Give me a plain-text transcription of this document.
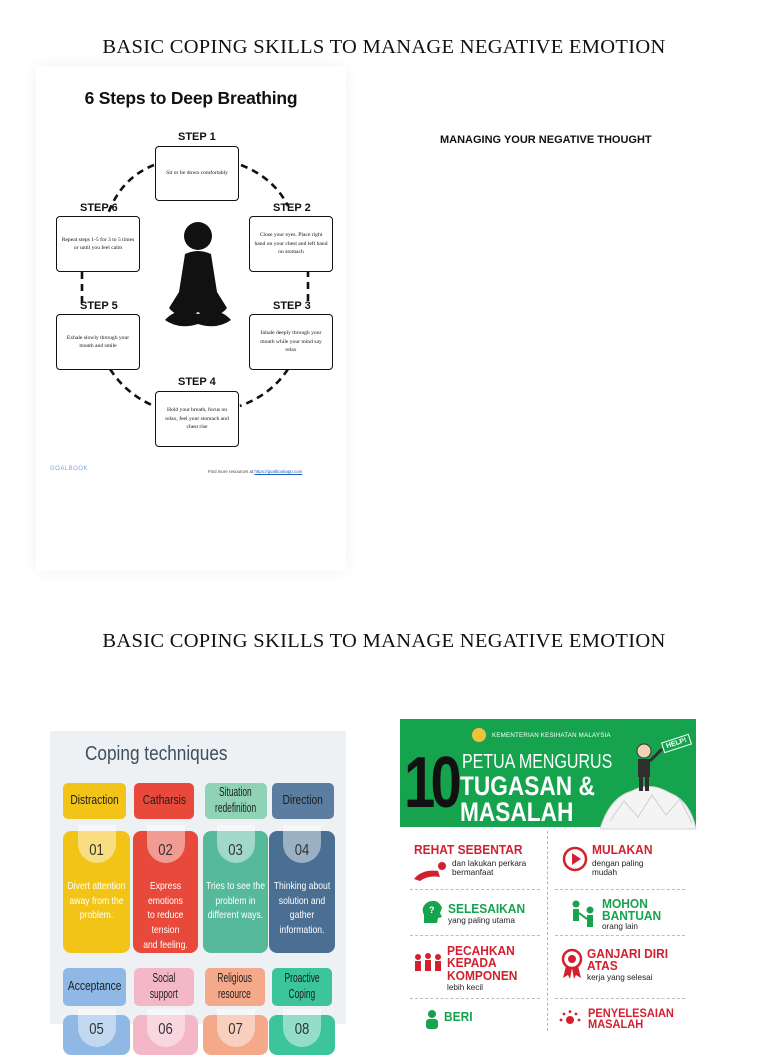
BASIC COPING SKILLS TO MANAGE NEGATIVE EMOTION
BASIC COPING SKILLS TO MANAGE NEGATIVE EMOTION
6 Steps to Deep Breathing
STEP 1
Sit or lie down comfortably
STEP 2
Close your eyes. Place right hand on your chest and left hand on stomach
STEP 3
Inhale deeply through your mouth while your mind say relax
STEP 4
Hold your breath, focus on relax, feel your stomach and chest rise
STEP 5
Exhale slowly through your mouth and smile
STEP 6
Repeat steps 1-5 for 3 to 5 times or until you feel calm
GOALBOOK	Find more resources at https://goalbookapp.com
MANAGING YOUR NEGATIVE THOUGHT
Coping techniques
Distraction Catharsis
Situation
redefinition
Direction
01
Divert attention
away from the
problem.
02
Express emotions
to reduce tension
and feeling.
03
Tries to see the
problem in
different ways.
04
Thinking about
solution and gather
information.
Acceptance
Social
support
Religious
resource
Proactive
Coping
05	06	07	08
KEMENTERIAN KESIHATAN MALAYSIA
10 PETUA MENGURUS
TUGASAN &
MASALAH
HELP!
REHAT SEBENTAR
dan lakukan perkara
bermanfaat
MULAKAN
dengan paling
mudah
? SELESAIKAN
yang paling utama
MOHON
BANTUAN
orang lain
PECAHKAN
KEPADA
KOMPONEN
lebih kecil
GANJARI DIRI
ATAS
kerja yang selesai
BERI	PENYELESAIAN
MASALAH
